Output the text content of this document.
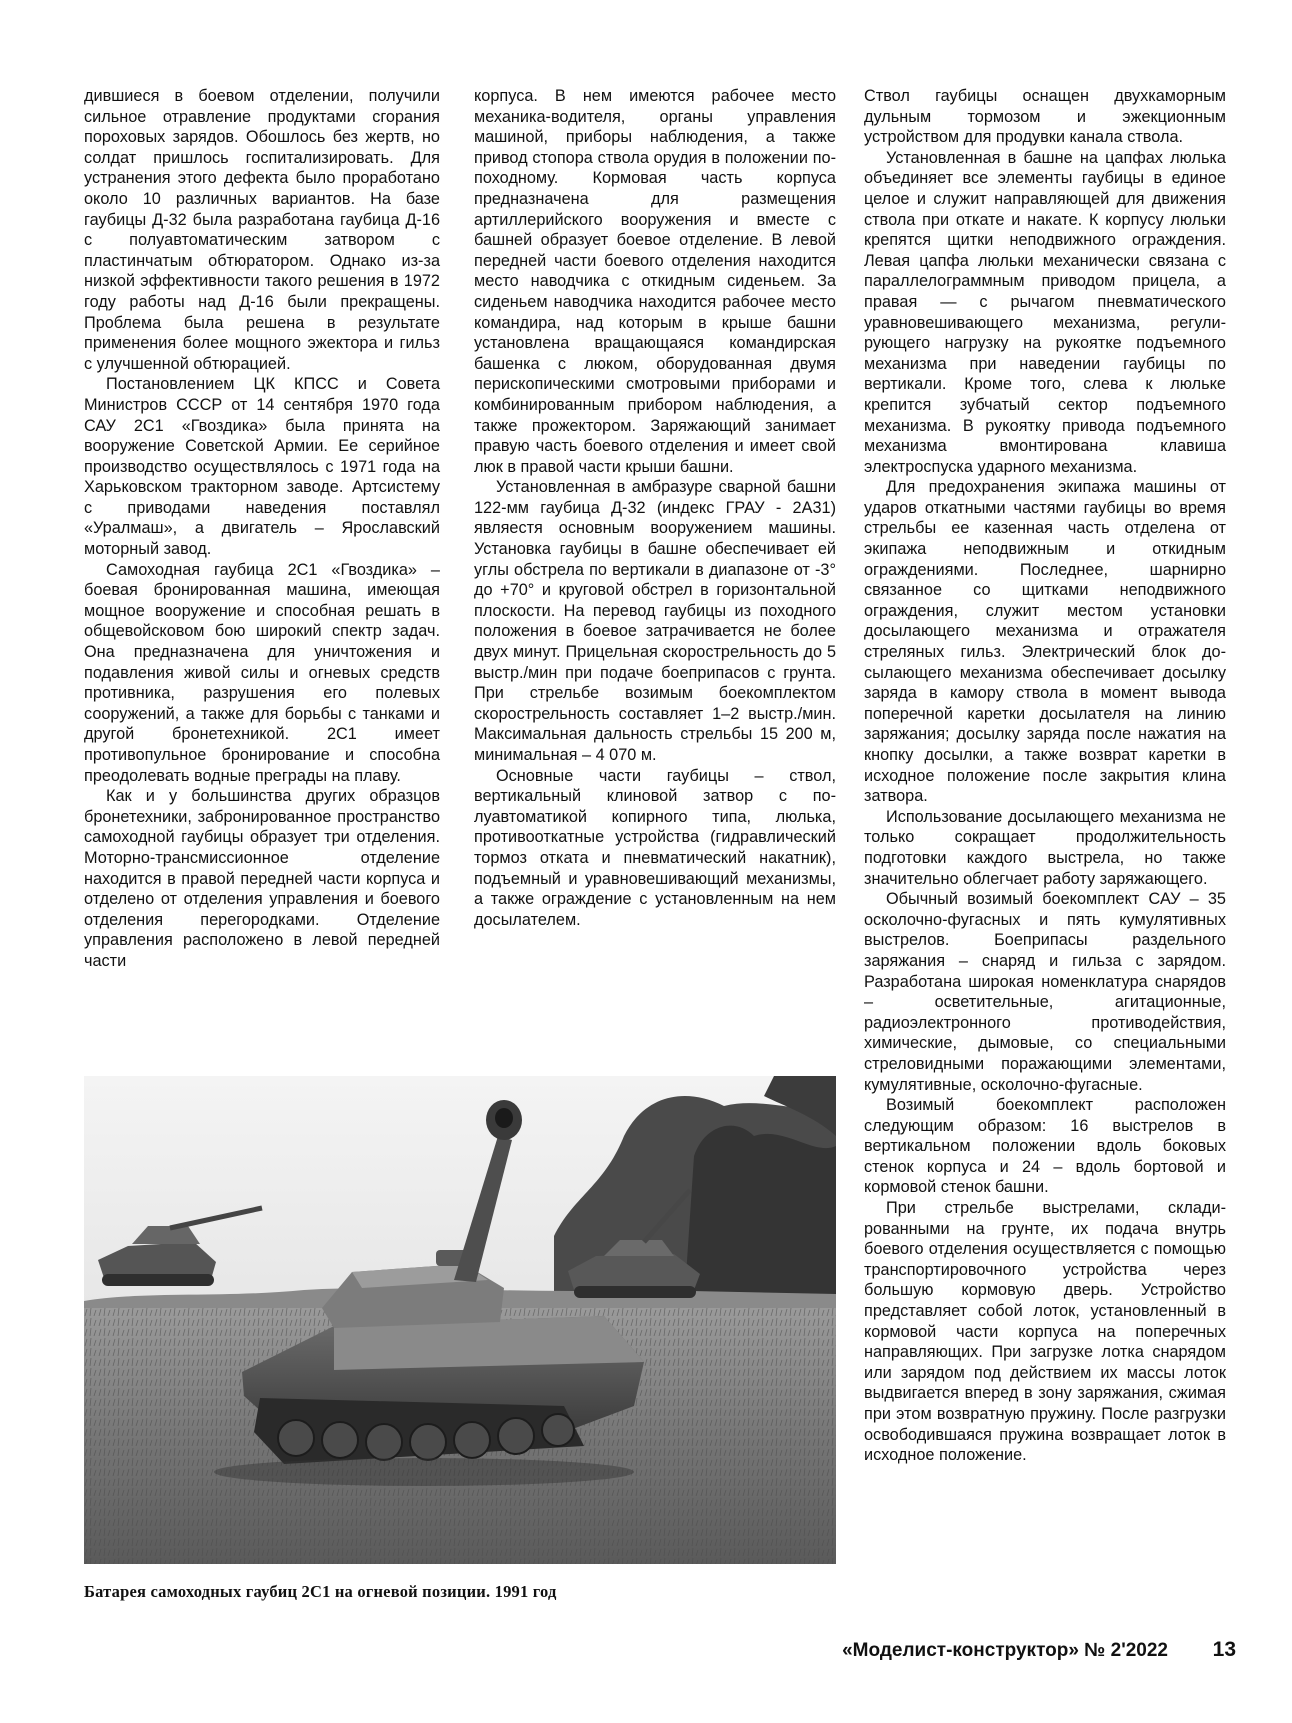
дившиеся в боевом отделении, получили сильное отравление продуктами сгорания пороховых зарядов. Обошлось без жертв, но солдат пришлось госпитализировать. Для устранения этого дефекта было проработано около 10 различных вариантов. На базе гаубицы Д-32 была разработана гаубица Д-16 с полуавтоматическим затвором с пластинчатым обтюратором. Однако из-за низкой эффективности такого решения в 1972 году работы над Д-16 были прекращены. Проблема была решена в результате применения более мощного эжектора и гильз с улучшенной обтюрацией.

Постановлением ЦК КПСС и Совета Министров СССР от 14 сентября 1970 года САУ 2С1 «Гвоздика» была принята на вооружение Советской Армии. Ее серийное производство осуществлялось с 1971 года на Харьковском тракторном заводе. Артсистему с приводами наведения поставлял «Уралмаш», а двигатель – Ярославский моторный завод.

Самоходная гаубица 2С1 «Гвоздика» – боевая бронированная машина, имеющая мощное вооружение и способная решать в общевойсковом бою широкий спектр задач. Она предназначена для уничтожения и подавления живой силы и огневых средств противника, разрушения его полевых сооружений, а также для борьбы с танками и другой бронетехникой. 2С1 имеет противопульное бронирование и способна преодолевать водные преграды на плаву.

Как и у большинства других образцов бронетехники, забронированное пространство самоходной гаубицы образует три отделения. Моторно-трансмиссионное отделение находится в правой передней части корпуса и отделено от отделения управления и боевого отделения перегородками. Отделение управления расположено в левой передней части

корпуса. В нем имеются рабочее место механика-водителя, органы управления машиной, приборы наблюдения, а также привод стопора ствола орудия в положении по-походному. Кормовая часть корпуса предназначена для размещения артиллерийского вооружения и вместе с башней образует боевое отделение. В левой передней части боевого отделения находится место наводчика с откидным сиденьем. За сиденьем наводчика находится рабочее место командира, над которым в крыше башни установлена вращающаяся командирская башенка с люком, оборудованная двумя перископическими смотровыми приборами и комбинированным прибором наблюдения, а также прожектором. Заряжающий занимает правую часть боевого отделения и имеет свой люк в правой части крыши башни.

Установленная в амбразуре сварной башни 122-мм гаубица Д-32 (индекс ГРАУ - 2А31) являестя основным вооружением машины. Установка гаубицы в башне обеспечивает ей углы обстрела по вертикали в диапазоне от -3° до +70° и круговой обстрел в горизонтальной плоскости. На перевод гаубицы из походного положения в боевое затрачивается не более двух минут. Прицельная скорострельность до 5 выстр./мин при подаче боеприпасов с грунта. При стрельбе возимым боекомплектом скорострельность составляет 1–2 выстр./мин. Максимальная дальность стрельбы 15 200 м, минимальная – 4 070 м.

Основные части гаубицы – ствол, вертикальный клиновой затвор с полуавтоматикой копирного типа, люлька, противооткатные устройства (гидравлический тормоз отката и пневматический накатник), подъемный и уравновешивающий механизмы, а также ограждение с установленным на нем досылателем.

Ствол гаубицы оснащен двухкаморным дульным тормозом и эжекционным устройством для продувки канала ствола.

Установленная в башне на цапфах люлька объединяет все элементы гаубицы в единое целое и служит направляющей для движения ствола при откате и накате. К корпусу люльки крепятся щитки неподвижного ограждения. Левая цапфа люльки механически связана с параллелограммным приводом прицела, а правая — с рычагом пневматического уравновешивающего механизма, регулирующего нагрузку на рукоятке подъемного механизма при наведении гаубицы по вертикали. Кроме того, слева к люльке крепится зубчатый сектор подъемного механизма. В рукоятку привода подъемного механизма вмонтирована клавиша электроспуска ударного механизма.

Для предохранения экипажа машины от ударов откатными частями гаубицы во время стрельбы ее казенная часть отделена от экипажа неподвижным и откидным ограждениями. Последнее, шарнирно связанное со щитками неподвижного ограждения, служит местом установки досылающего механизма и отражателя стреляных гильз. Электрический блок досылающего механизма обеспечивает досылку заряда в камору ствола в момент вывода поперечной каретки досылателя на линию заряжания; досылку заряда после нажатия на кнопку досылки, а также возврат каретки в исходное положение после закрытия клина затвора.

Использование досылающего механизма не только сокращает продолжительность подготовки каждого выстрела, но также значительно облегчает работу заряжающего.

Обычный возимый боекомплект САУ – 35 осколочно-фугасных и пять кумулятивных выстрелов. Боеприпасы раздельного заряжания – снаряд и гильза с зарядом. Разработана широкая номенклатура снарядов – осветительные, агитационные, радиоэлектронного противодействия, химические, дымовые, со специальными стреловидными поражающими элементами, кумулятивные, осколочно-фугасные.

Возимый боекомплект расположен следующим образом: 16 выстрелов в вертикальном положении вдоль боковых стенок корпуса и 24 – вдоль бортовой и кормовой стенок башни.

При стрельбе выстрелами, складированными на грунте, их подача внутрь боевого отделения осуществляется с помощью транспортировочного устройства через большую кормовую дверь. Устройство представляет собой лоток, установленный в кормовой части корпуса на поперечных направляющих. При загрузке лотка снарядом или зарядом под действием их массы лоток выдвигается вперед в зону заряжания, сжимая при этом возвратную пружину. После разгрузки освободившаяся пружина возвращает лоток в исходное положение.

Батарея самоходных гаубиц 2С1 на огневой позиции. 1991 год
«Моделист-конструктор» № 2'2022	13
